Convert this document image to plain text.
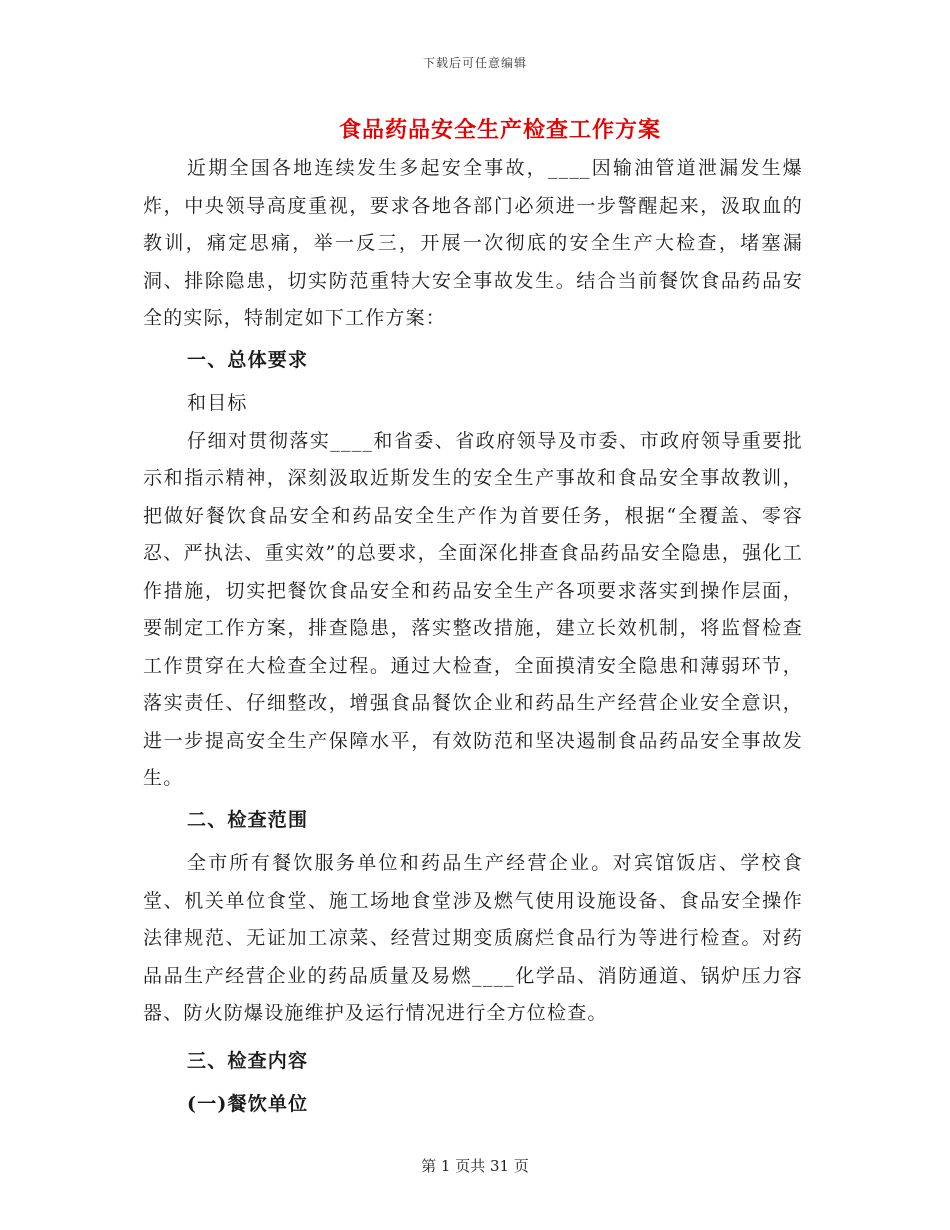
下载后可任意编辑
食品药品安全生产检查工作方案

近期全国各地连续发生多起安全事故，____因输油管道泄漏发生爆炸，中央领导高度重视，要求各地各部门必须进一步警醒起来，汲取血的教训，痛定思痛，举一反三，开展一次彻底的安全生产大检查，堵塞漏洞、排除隐患，切实防范重特大安全事故发生。结合当前餐饮食品药品安全的实际，特制定如下工作方案：

一、总体要求

和目标

仔细对贯彻落实____和省委、省政府领导及市委、市政府领导重要批示和指示精神，深刻汲取近斯发生的安全生产事故和食品安全事故教训，把做好餐饮食品安全和药品安全生产作为首要任务，根据“全覆盖、零容忍、严执法、重实效”的总要求，全面深化排查食品药品安全隐患，强化工作措施，切实把餐饮食品安全和药品安全生产各项要求落实到操作层面，要制定工作方案，排查隐患，落实整改措施，建立长效机制，将监督检查工作贯穿在大检查全过程。通过大检查，全面摸清安全隐患和薄弱环节，落实责任、仔细整改，增强食品餐饮企业和药品生产经营企业安全意识，进一步提高安全生产保障水平，有效防范和坚决遏制食品药品安全事故发生。

二、检查范围

全市所有餐饮服务单位和药品生产经营企业。对宾馆饭店、学校食堂、机关单位食堂、施工场地食堂涉及燃气使用设施设备、食品安全操作法律规范、无证加工凉菜、经营过期变质腐烂食品行为等进行检查。对药品品生产经营企业的药品质量及易燃____化学品、消防通道、锅炉压力容器、防火防爆设施维护及运行情况进行全方位检查。

三、检查内容

(一)餐饮单位

第 1 页共 31 页
